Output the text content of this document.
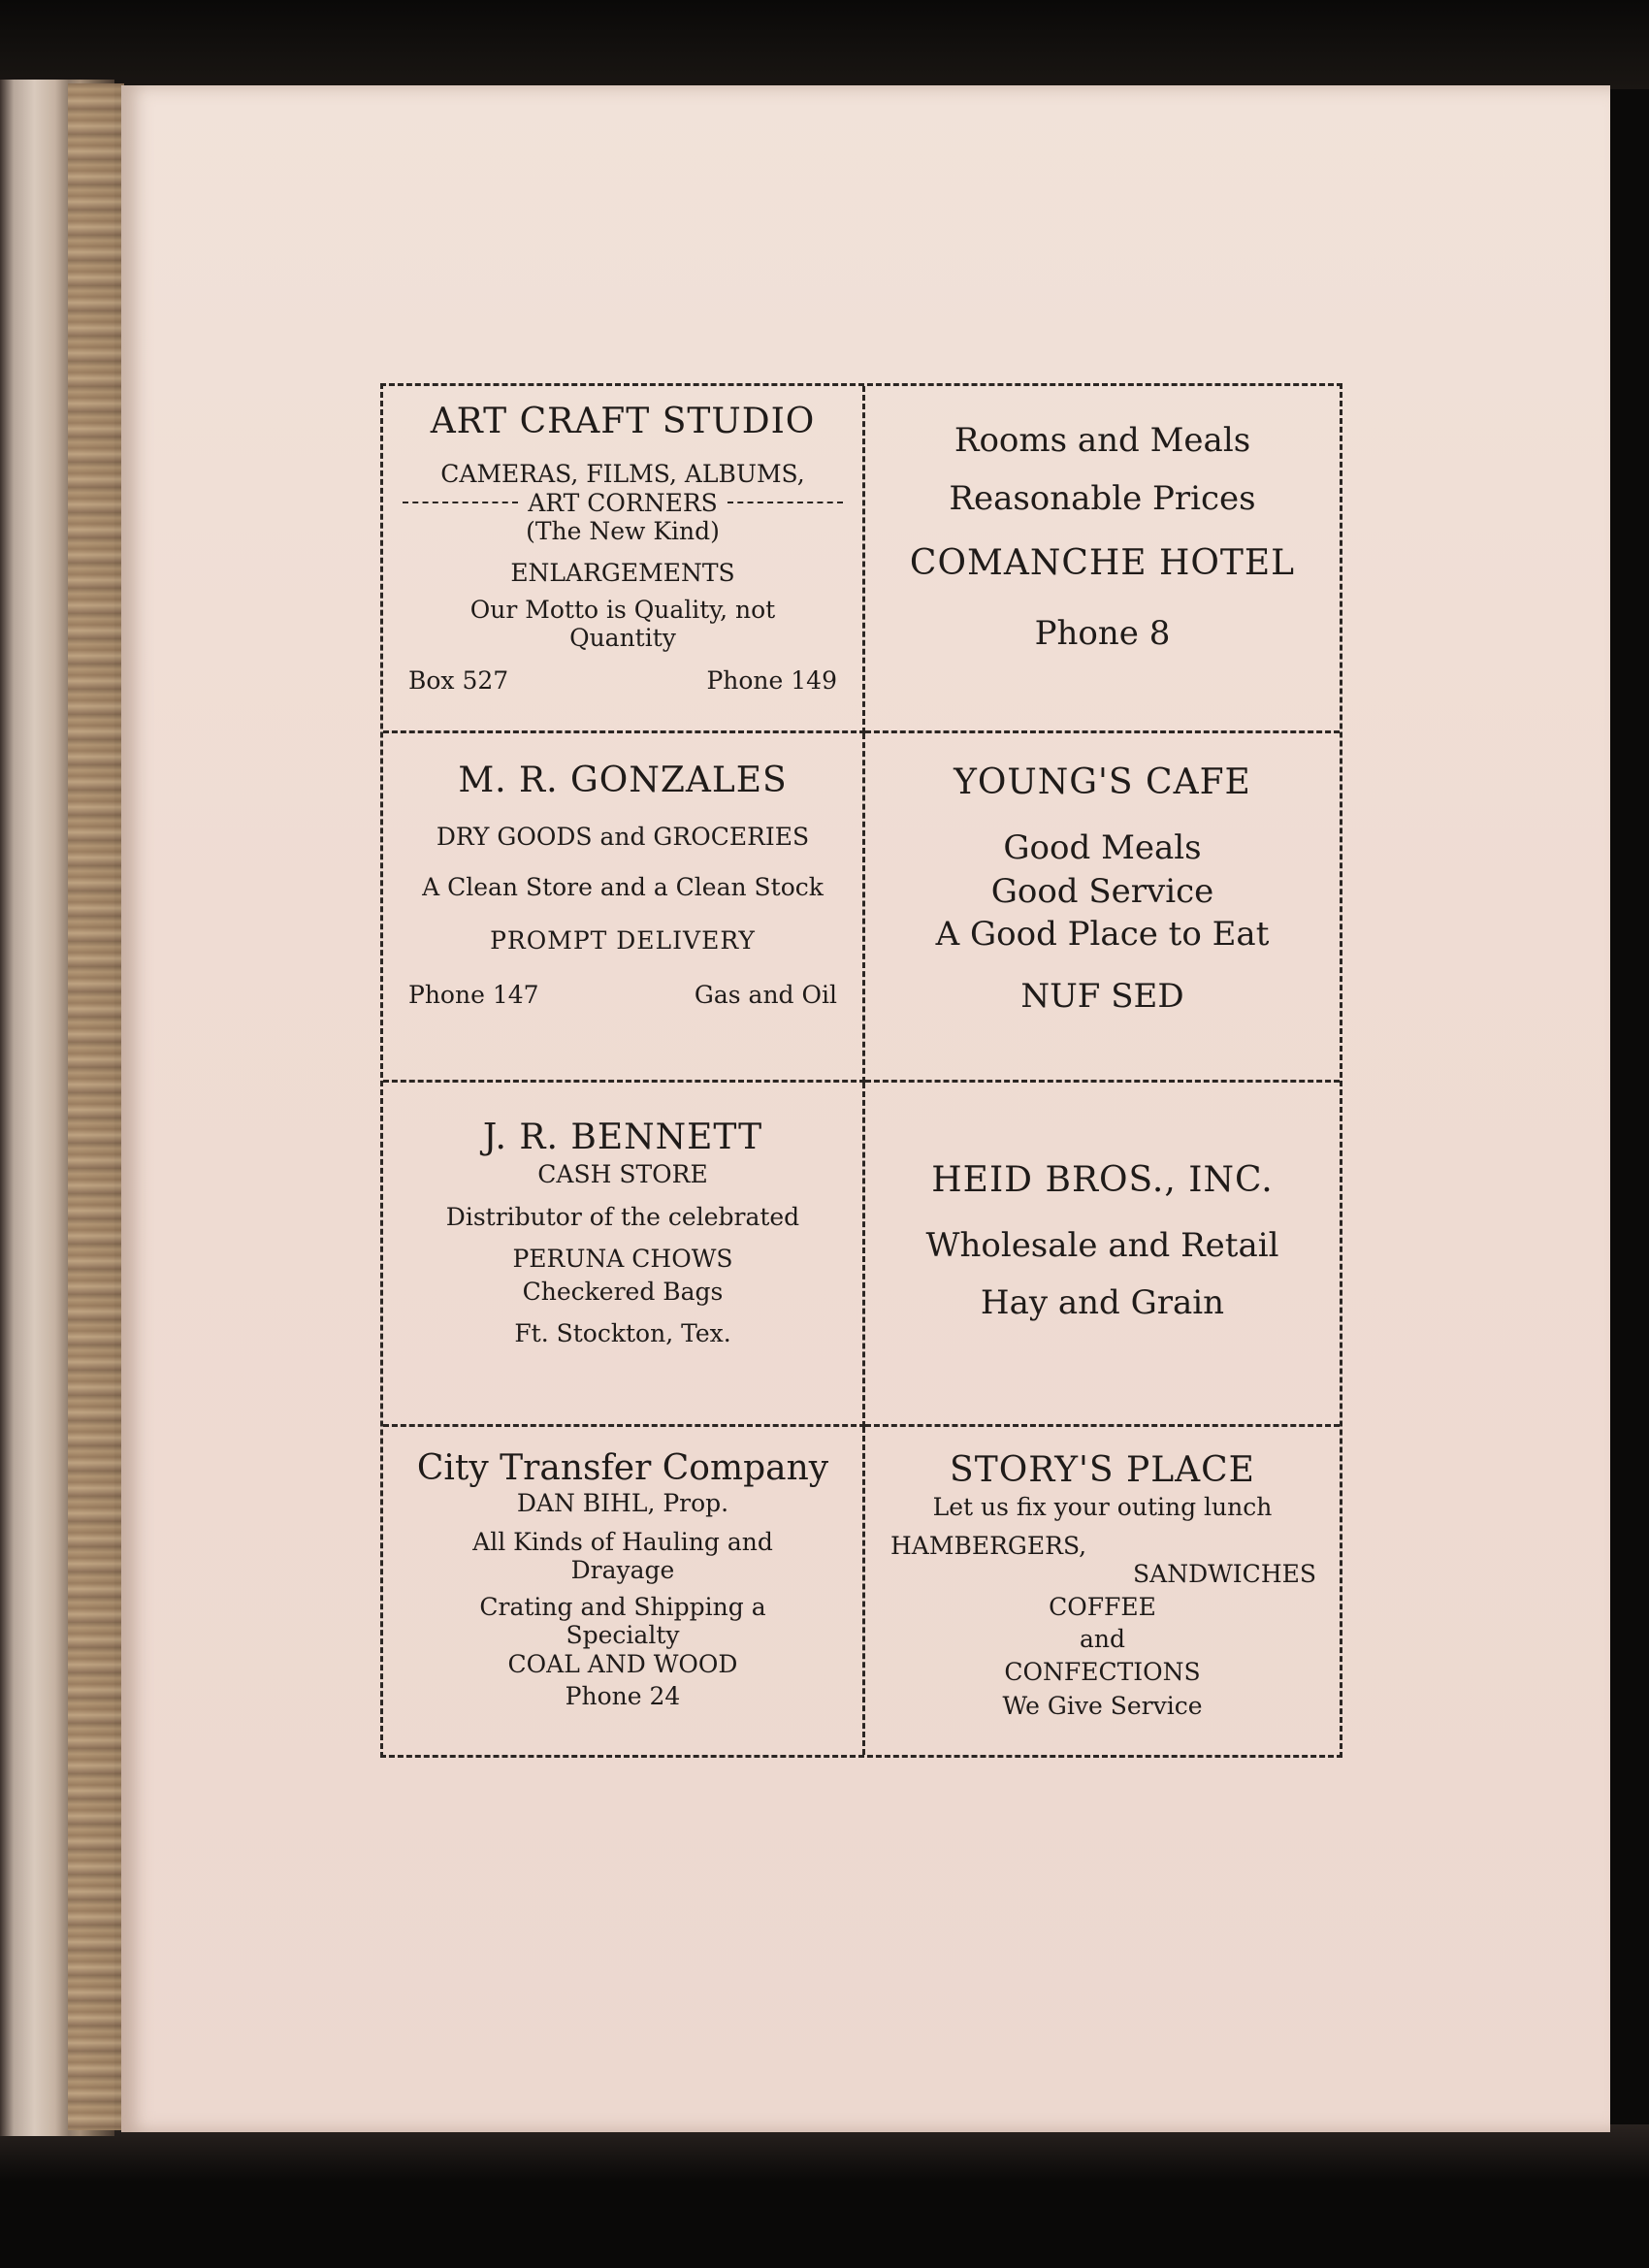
ART CRAFT STUDIO

CAMERAS, FILMS, ALBUMS,

ART CORNERS

(The New Kind)

ENLARGEMENTS

Our Motto is Quality, not

Quantity

Box 527	Phone 149

Rooms and Meals

Reasonable Prices

COMANCHE HOTEL

Phone 8

M. R. GONZALES

DRY GOODS and GROCERIES

A Clean Store and a Clean Stock

PROMPT DELIVERY

Phone 147	Gas and Oil

YOUNG'S CAFE

Good Meals

Good Service

A Good Place to Eat

NUF SED

J. R. BENNETT

CASH STORE

Distributor of the celebrated

PERUNA CHOWS

Checkered Bags

Ft. Stockton, Tex.

HEID BROS., INC.

Wholesale and Retail

Hay and Grain

City Transfer Company

DAN BIHL, Prop.

All Kinds of Hauling and

Drayage

Crating and Shipping a

Specialty

COAL AND WOOD

Phone 24

STORY'S PLACE

Let us fix your outing lunch

HAMBERGERS,

SANDWICHES

COFFEE

and

CONFECTIONS

We Give Service
